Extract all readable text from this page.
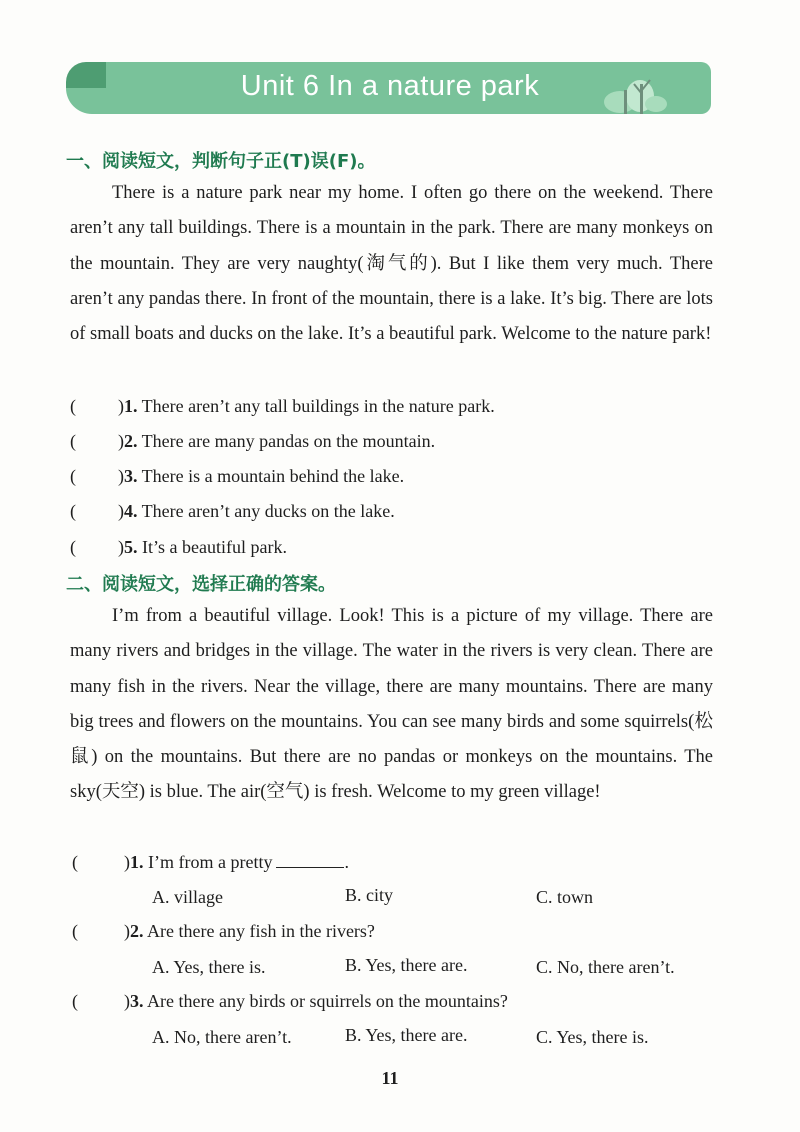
Unit 6 In a nature park
一、阅读短文，判断句子正(T)误(F)。

There is a nature park near my home. I often go there on the weekend. There aren’t any tall buildings. There is a mountain in the park. There are many monkeys on the mountain. They are very naughty(淘气的). But I like them very much. There aren’t any pandas there. In front of the mountain, there is a lake. It’s big. There are lots of small boats and ducks on the lake. It’s a beautiful park. Welcome to the nature park!

( )1. There aren’t any tall buildings in the nature park.
( )2. There are many pandas on the mountain.
( )3. There is a mountain behind the lake.
( )4. There aren’t any ducks on the lake.
( )5. It’s a beautiful park.
二、阅读短文，选择正确的答案。

I’m from a beautiful village. Look! This is a picture of my village. There are many rivers and bridges in the village. The water in the rivers is very clean. There are many fish in the rivers. Near the village, there are many mountains. There are many big trees and flowers on the mountains. You can see many birds and some squirrels(松鼠) on the mountains. But there are no pandas or monkeys on the mountains. The sky(天空) is blue. The air(空气) is fresh. Welcome to my green village!

(	)1. I’m from a pretty	.
A. village	B. city	C. town
(	)2. Are there any fish in the rivers?
A. Yes, there is.	B. Yes, there are.	C. No, there aren’t.
(	)3. Are there any birds or squirrels on the mountains?
A. No, there aren’t.	B. Yes, there are.	C. Yes, there is.
11
